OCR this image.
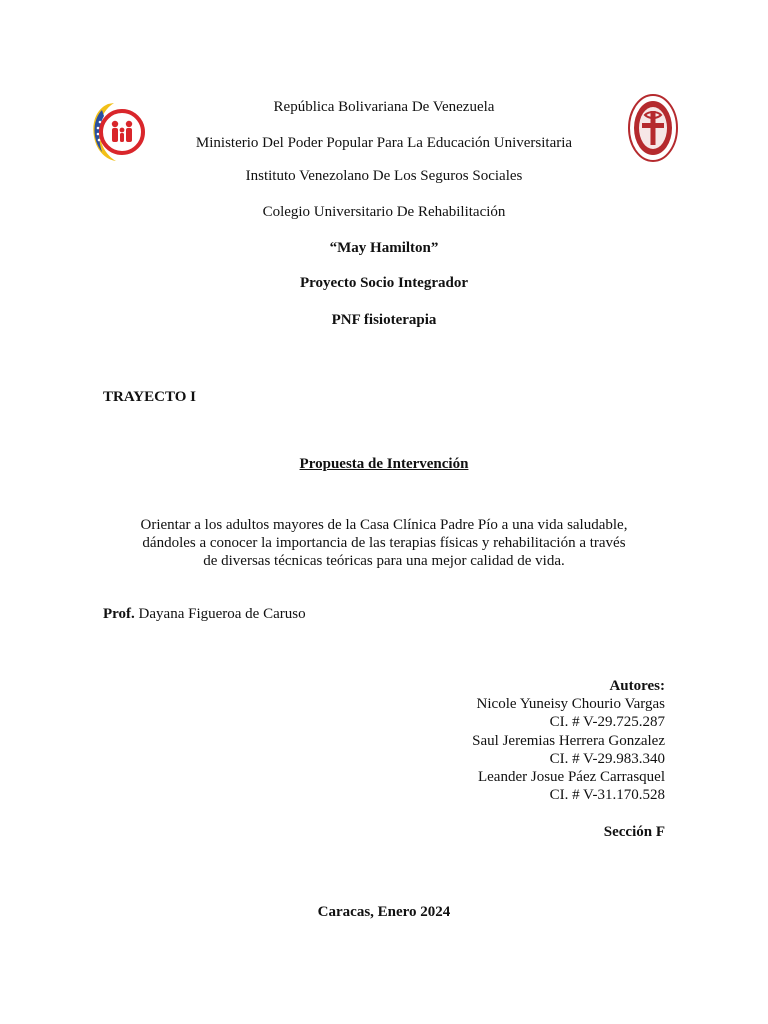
República Bolivariana De Venezuela
Ministerio Del Poder Popular Para La Educación Universitaria
Instituto Venezolano De Los Seguros Sociales
Colegio Universitario De Rehabilitación
“May Hamilton”
Proyecto Socio Integrador
PNF fisioterapia
TRAYECTO I
Propuesta de Intervención
Orientar a los adultos mayores de la Casa Clínica Padre Pío a una vida saludable,
dándoles a conocer la importancia de las terapias físicas y rehabilitación a través
de diversas técnicas teóricas para una mejor calidad de vida.
Prof. Dayana Figueroa de Caruso
Autores:
Nicole Yuneisy Chourio Vargas
CI. # V-29.725.287
Saul Jeremias Herrera Gonzalez
CI. # V-29.983.340
Leander Josue Páez Carrasquel
CI. # V-31.170.528
Sección F
Caracas, Enero 2024
